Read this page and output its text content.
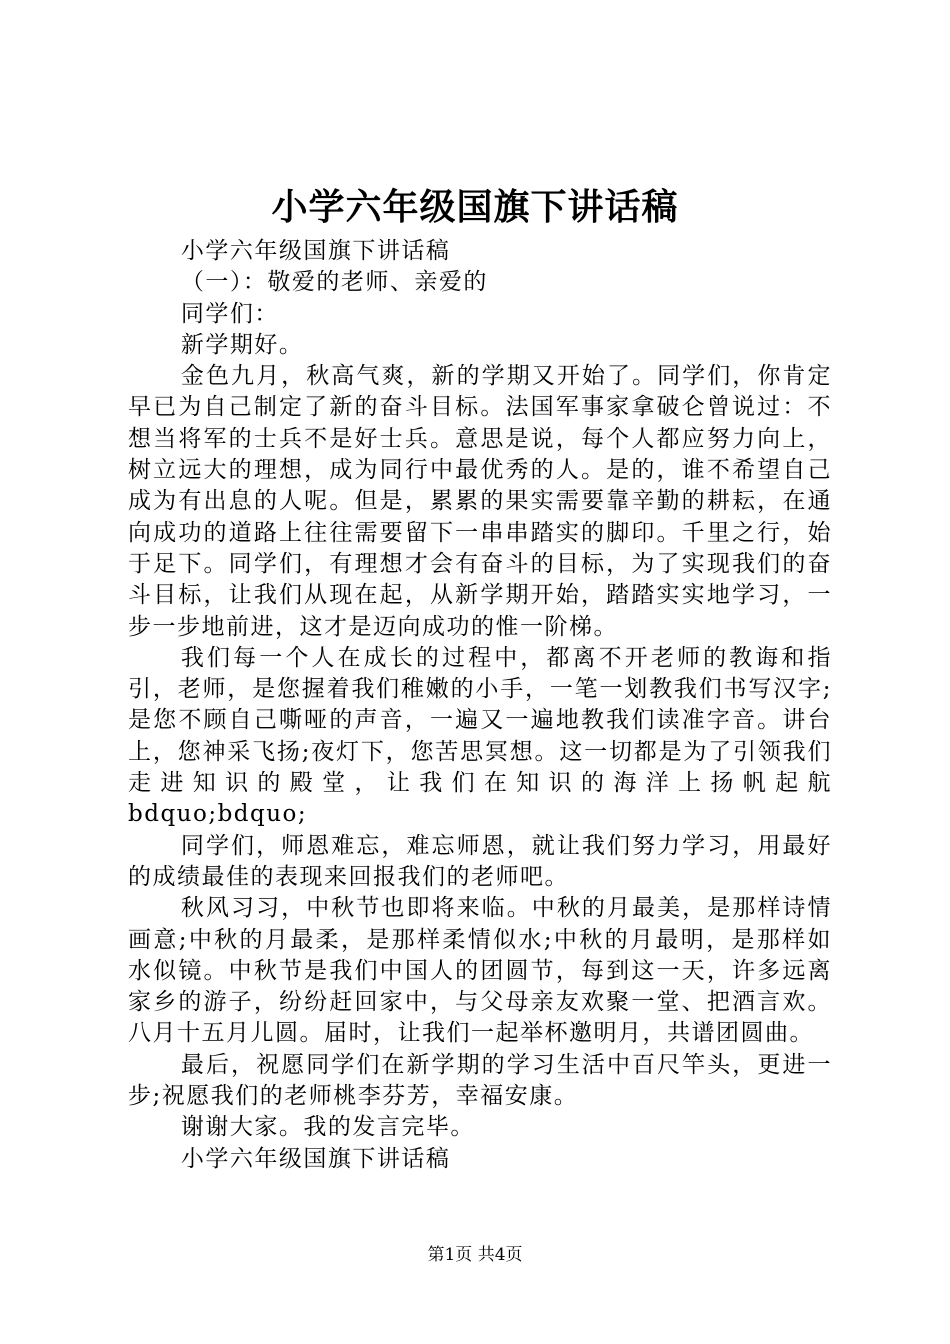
小学六年级国旗下讲话稿

小学六年级国旗下讲话稿

（一）：敬爱的老师、亲爱的

同学们：

新学期好。

金色九月，秋高气爽，新的学期又开始了。同学们，你肯定早已为自己制定了新的奋斗目标。法国军事家拿破仑曾说过：不想当将军的士兵不是好士兵。意思是说，每个人都应努力向上，树立远大的理想，成为同行中最优秀的人。是的，谁不希望自己成为有出息的人呢。但是，累累的果实需要靠辛勤的耕耘，在通向成功的道路上往往需要留下一串串踏实的脚印。千里之行，始于足下。同学们，有理想才会有奋斗的目标，为了实现我们的奋斗目标，让我们从现在起，从新学期开始，踏踏实实地学习，一步一步地前进，这才是迈向成功的惟一阶梯。

我们每一个人在成长的过程中，都离不开老师的教诲和指引，老师，是您握着我们稚嫩的小手，一笔一划教我们书写汉字;是您不顾自己嘶哑的声音，一遍又一遍地教我们读准字音。讲台上，您神采飞扬;夜灯下，您苦思冥想。这一切都是为了引领我们走进知识的殿堂，让我们在知识的海洋上扬帆起航bdquo;bdquo;

同学们，师恩难忘，难忘师恩，就让我们努力学习，用最好的成绩最佳的表现来回报我们的老师吧。

秋风习习，中秋节也即将来临。中秋的月最美，是那样诗情画意;中秋的月最柔，是那样柔情似水;中秋的月最明，是那样如水似镜。中秋节是我们中国人的团圆节，每到这一天，许多远离家乡的游子，纷纷赶回家中，与父母亲友欢聚一堂、把酒言欢。八月十五月儿圆。届时，让我们一起举杯邀明月，共谱团圆曲。

最后，祝愿同学们在新学期的学习生活中百尺竿头，更进一步;祝愿我们的老师桃李芬芳，幸福安康。

谢谢大家。我的发言完毕。

小学六年级国旗下讲话稿

第1页 共4页
